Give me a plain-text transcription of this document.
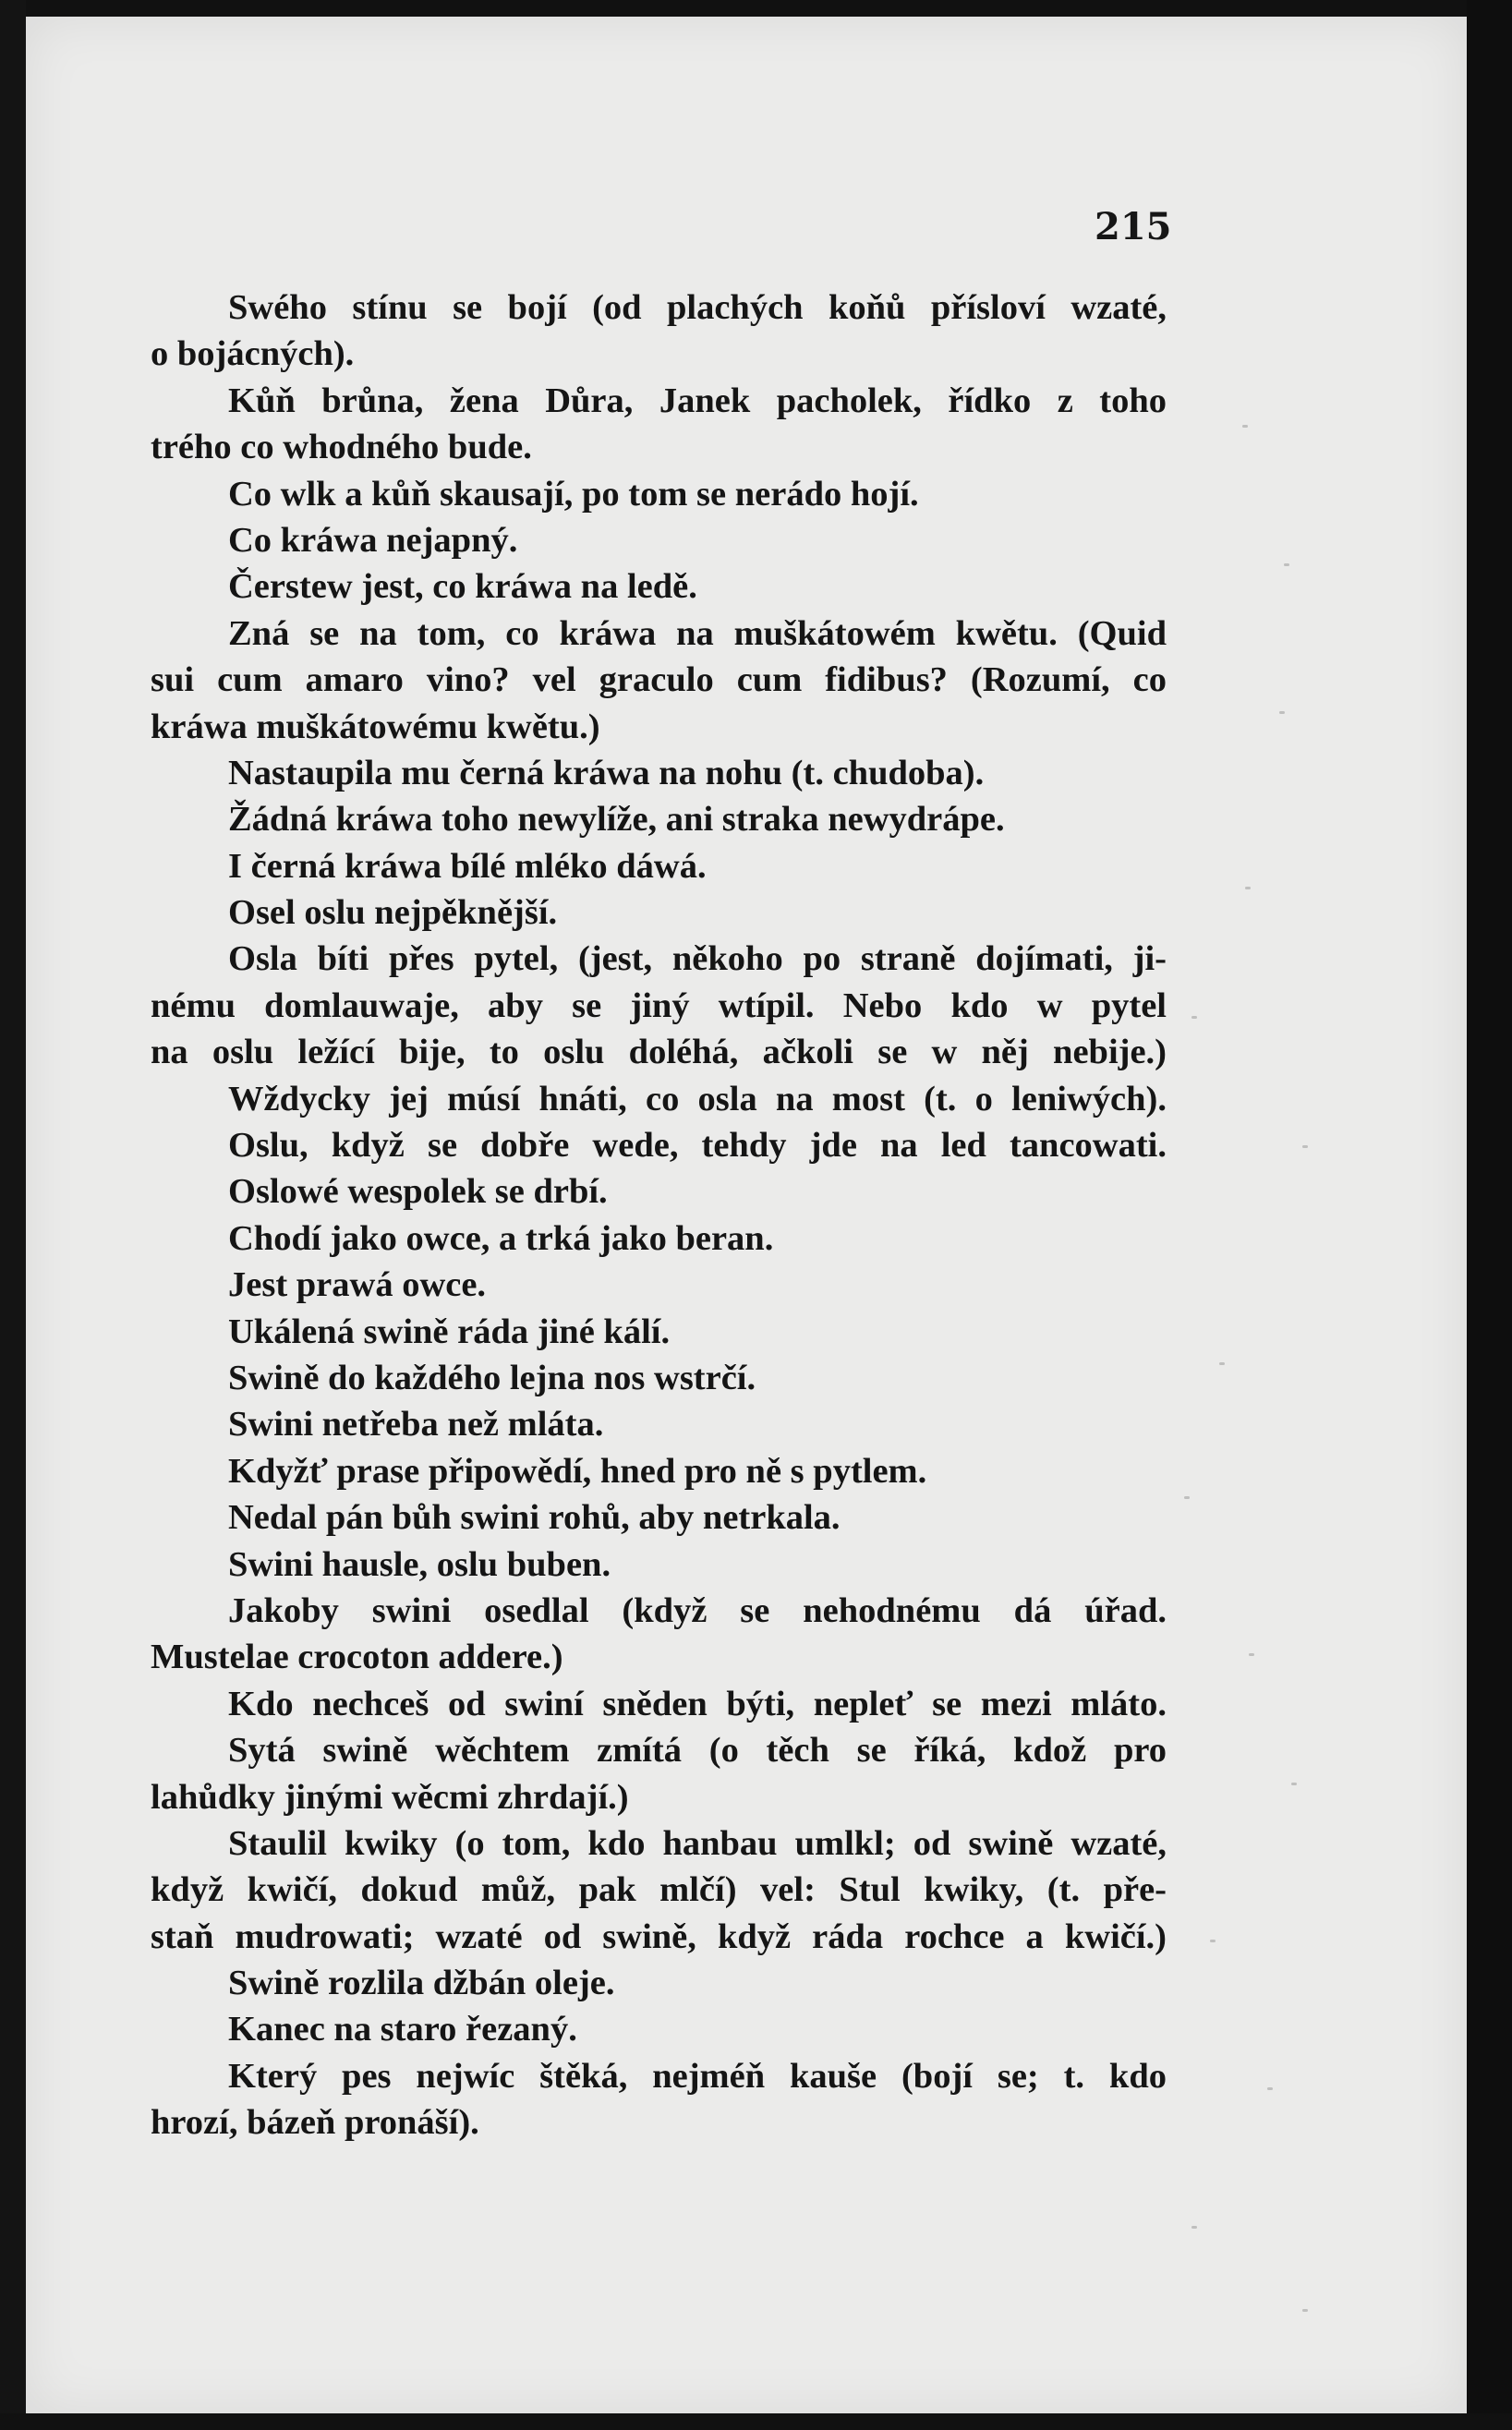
215
Swého stínu se bojí (od plachých koňů přísloví wzaté,
o bojácných).
Kůň brůna, žena Důra, Janek pacholek, řídko z toho
trého co whodného bude.
Co wlk a kůň skausají, po tom se nerádo hojí.
Co kráwa nejapný.
Čerstew jest, co kráwa na ledě.
Zná se na tom, co kráwa na muškátowém kwětu. (Quid
sui cum amaro vino? vel graculo cum fidibus? (Rozumí, co
kráwa muškátowému kwětu.)
Nastaupila mu černá kráwa na nohu (t. chudoba).
Žádná kráwa toho newylíže, ani straka newydrápe.
I černá kráwa bílé mléko dáwá.
Osel oslu nejpěknější.
Osla bíti přes pytel, (jest, někoho po straně dojímati, ji-
nému domlauwaje, aby se jiný wtípil. Nebo kdo w pytel
na oslu ležící bije, to oslu doléhá, ačkoli se w něj nebije.)
Wždycky jej músí hnáti, co osla na most (t. o leniwých).
Oslu, když se dobře wede, tehdy jde na led tancowati.
Oslowé wespolek se drbí.
Chodí jako owce, a trká jako beran.
Jest prawá owce.
Ukálená swině ráda jiné kálí.
Swině do každého lejna nos wstrčí.
Swini netřeba než mláta.
Kdyžť prase připowědí, hned pro ně s pytlem.
Nedal pán bůh swini rohů, aby netrkala.
Swini hausle, oslu buben.
Jakoby swini osedlal (když se nehodnému dá úřad.
Mustelae crocoton addere.)
Kdo nechceš od swiní sněden býti, nepleť se mezi mláto.
Sytá swině wěchtem zmítá (o těch se říká, kdož pro
lahůdky jinými wěcmi zhrdají.)
Staulil kwiky (o tom, kdo hanbau umlkl; od swině wzaté,
když kwičí, dokud můž, pak mlčí) vel: Stul kwiky, (t. pře-
staň mudrowati; wzaté od swině, když ráda rochce a kwičí.)
Swině rozlila džbán oleje.
Kanec na staro řezaný.
Který pes nejwíc štěká, nejméň kauše (bojí se; t. kdo
hrozí, bázeň pronáší).
